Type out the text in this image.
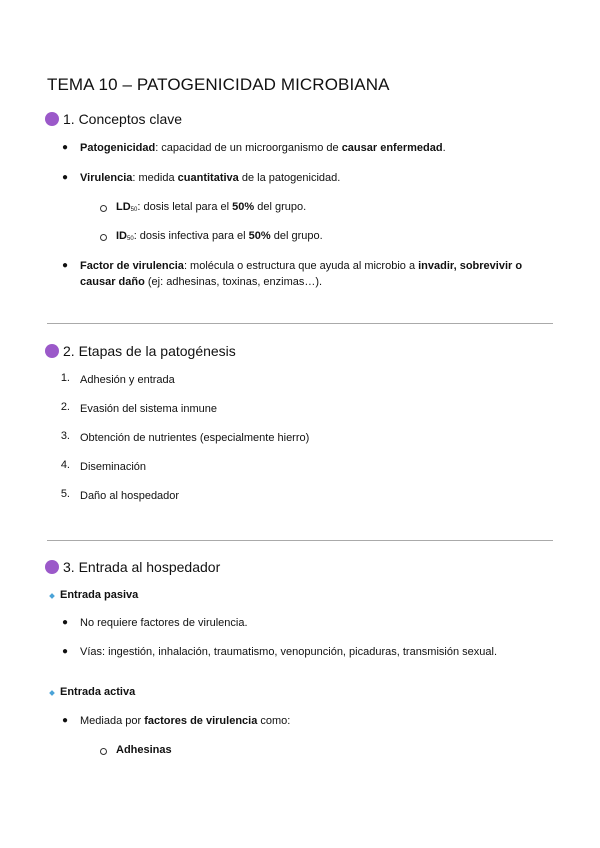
TEMA 10 – PATOGENICIDAD MICROBIANA
1. Conceptos clave
● Patogenicidad: capacidad de un microorganismo de causar enfermedad.
● Virulencia: medida cuantitativa de la patogenicidad.
LD50: dosis letal para el 50% del grupo.
ID50: dosis infectiva para el 50% del grupo.
● Factor de virulencia: molécula o estructura que ayuda al microbio a invadir, sobrevivir o
causar daño (ej: adhesinas, toxinas, enzimas…).
2. Etapas de la patogénesis
1. Adhesión y entrada
2. Evasión del sistema inmune
3. Obtención de nutrientes (especialmente hierro)
4. Diseminación
5. Daño al hospedador
3. Entrada al hospedador
Entrada pasiva
● No requiere factores de virulencia.
● Vías: ingestión, inhalación, traumatismo, venopunción, picaduras, transmisión sexual.
Entrada activa
● Mediada por factores de virulencia como:
Adhesinas
